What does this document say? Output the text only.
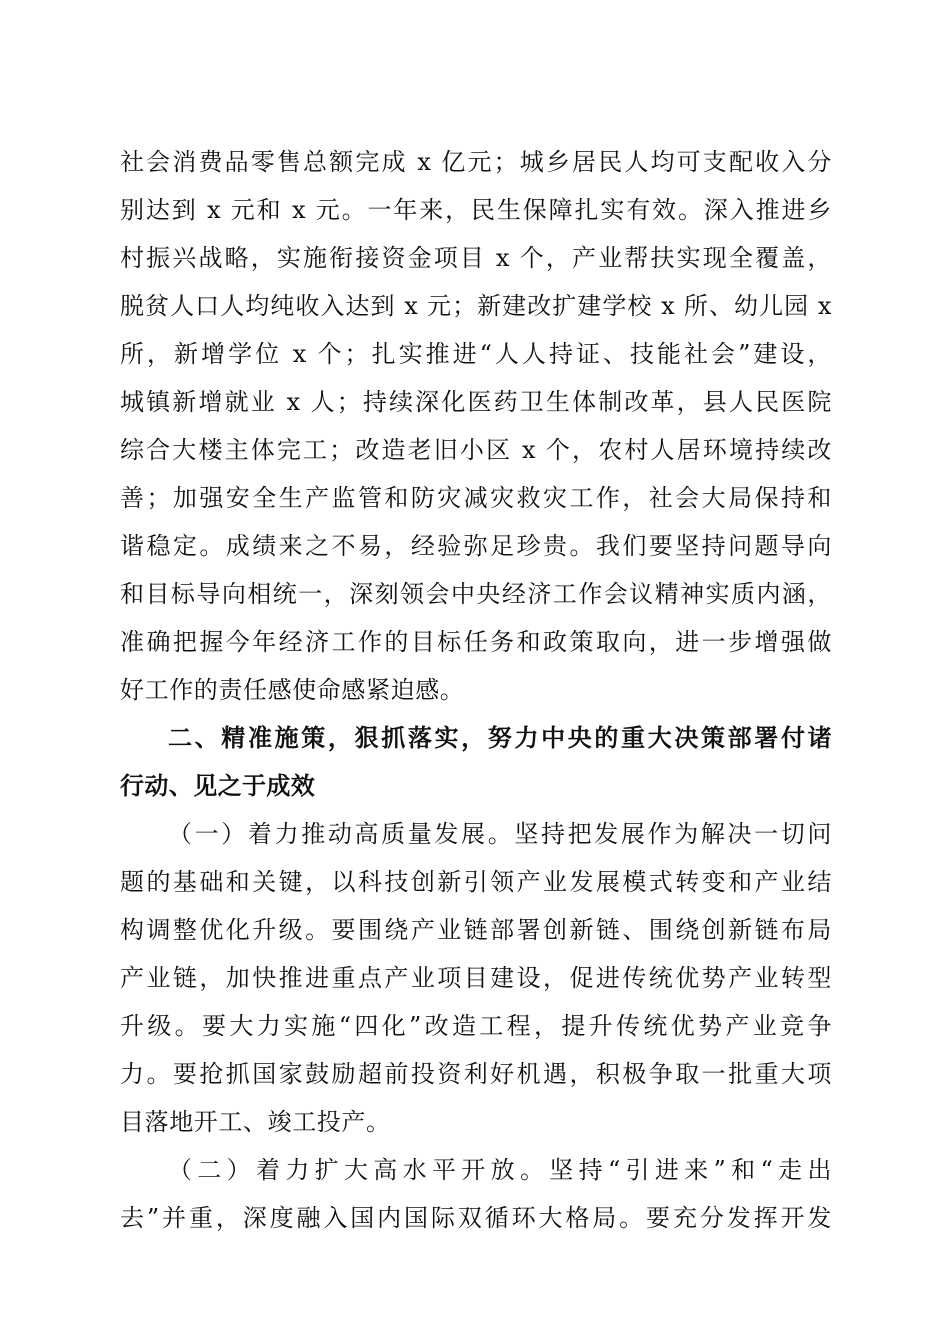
社会消费品零售总额完成 x 亿元；城乡居民人均可支配收入分
别达到 x 元和 x 元。一年来，民生保障扎实有效。深入推进乡
村振兴战略，实施衔接资金项目 x 个，产业帮扶实现全覆盖，
脱贫人口人均纯收入达到 x 元；新建改扩建学校 x 所、幼儿园 x
所，新增学位 x 个；扎实推进“人人持证、技能社会”建设，
城镇新增就业 x 人；持续深化医药卫生体制改革，县人民医院
综合大楼主体完工；改造老旧小区 x 个，农村人居环境持续改
善；加强安全生产监管和防灾减灾救灾工作，社会大局保持和
谐稳定。成绩来之不易，经验弥足珍贵。我们要坚持问题导向
和目标导向相统一，深刻领会中央经济工作会议精神实质内涵，
准确把握今年经济工作的目标任务和政策取向，进一步增强做
好工作的责任感使命感紧迫感。
二、精准施策，狠抓落实，努力中央的重大决策部署付诸
行动、见之于成效
（一）着力推动高质量发展。坚持把发展作为解决一切问
题的基础和关键，以科技创新引领产业发展模式转变和产业结
构调整优化升级。要围绕产业链部署创新链、围绕创新链布局
产业链，加快推进重点产业项目建设，促进传统优势产业转型
升级。要大力实施“四化”改造工程，提升传统优势产业竞争
力。要抢抓国家鼓励超前投资利好机遇，积极争取一批重大项
目落地开工、竣工投产。
（二）着力扩大高水平开放。坚持“引进来”和“走出
去”并重，深度融入国内国际双循环大格局。要充分发挥开发
